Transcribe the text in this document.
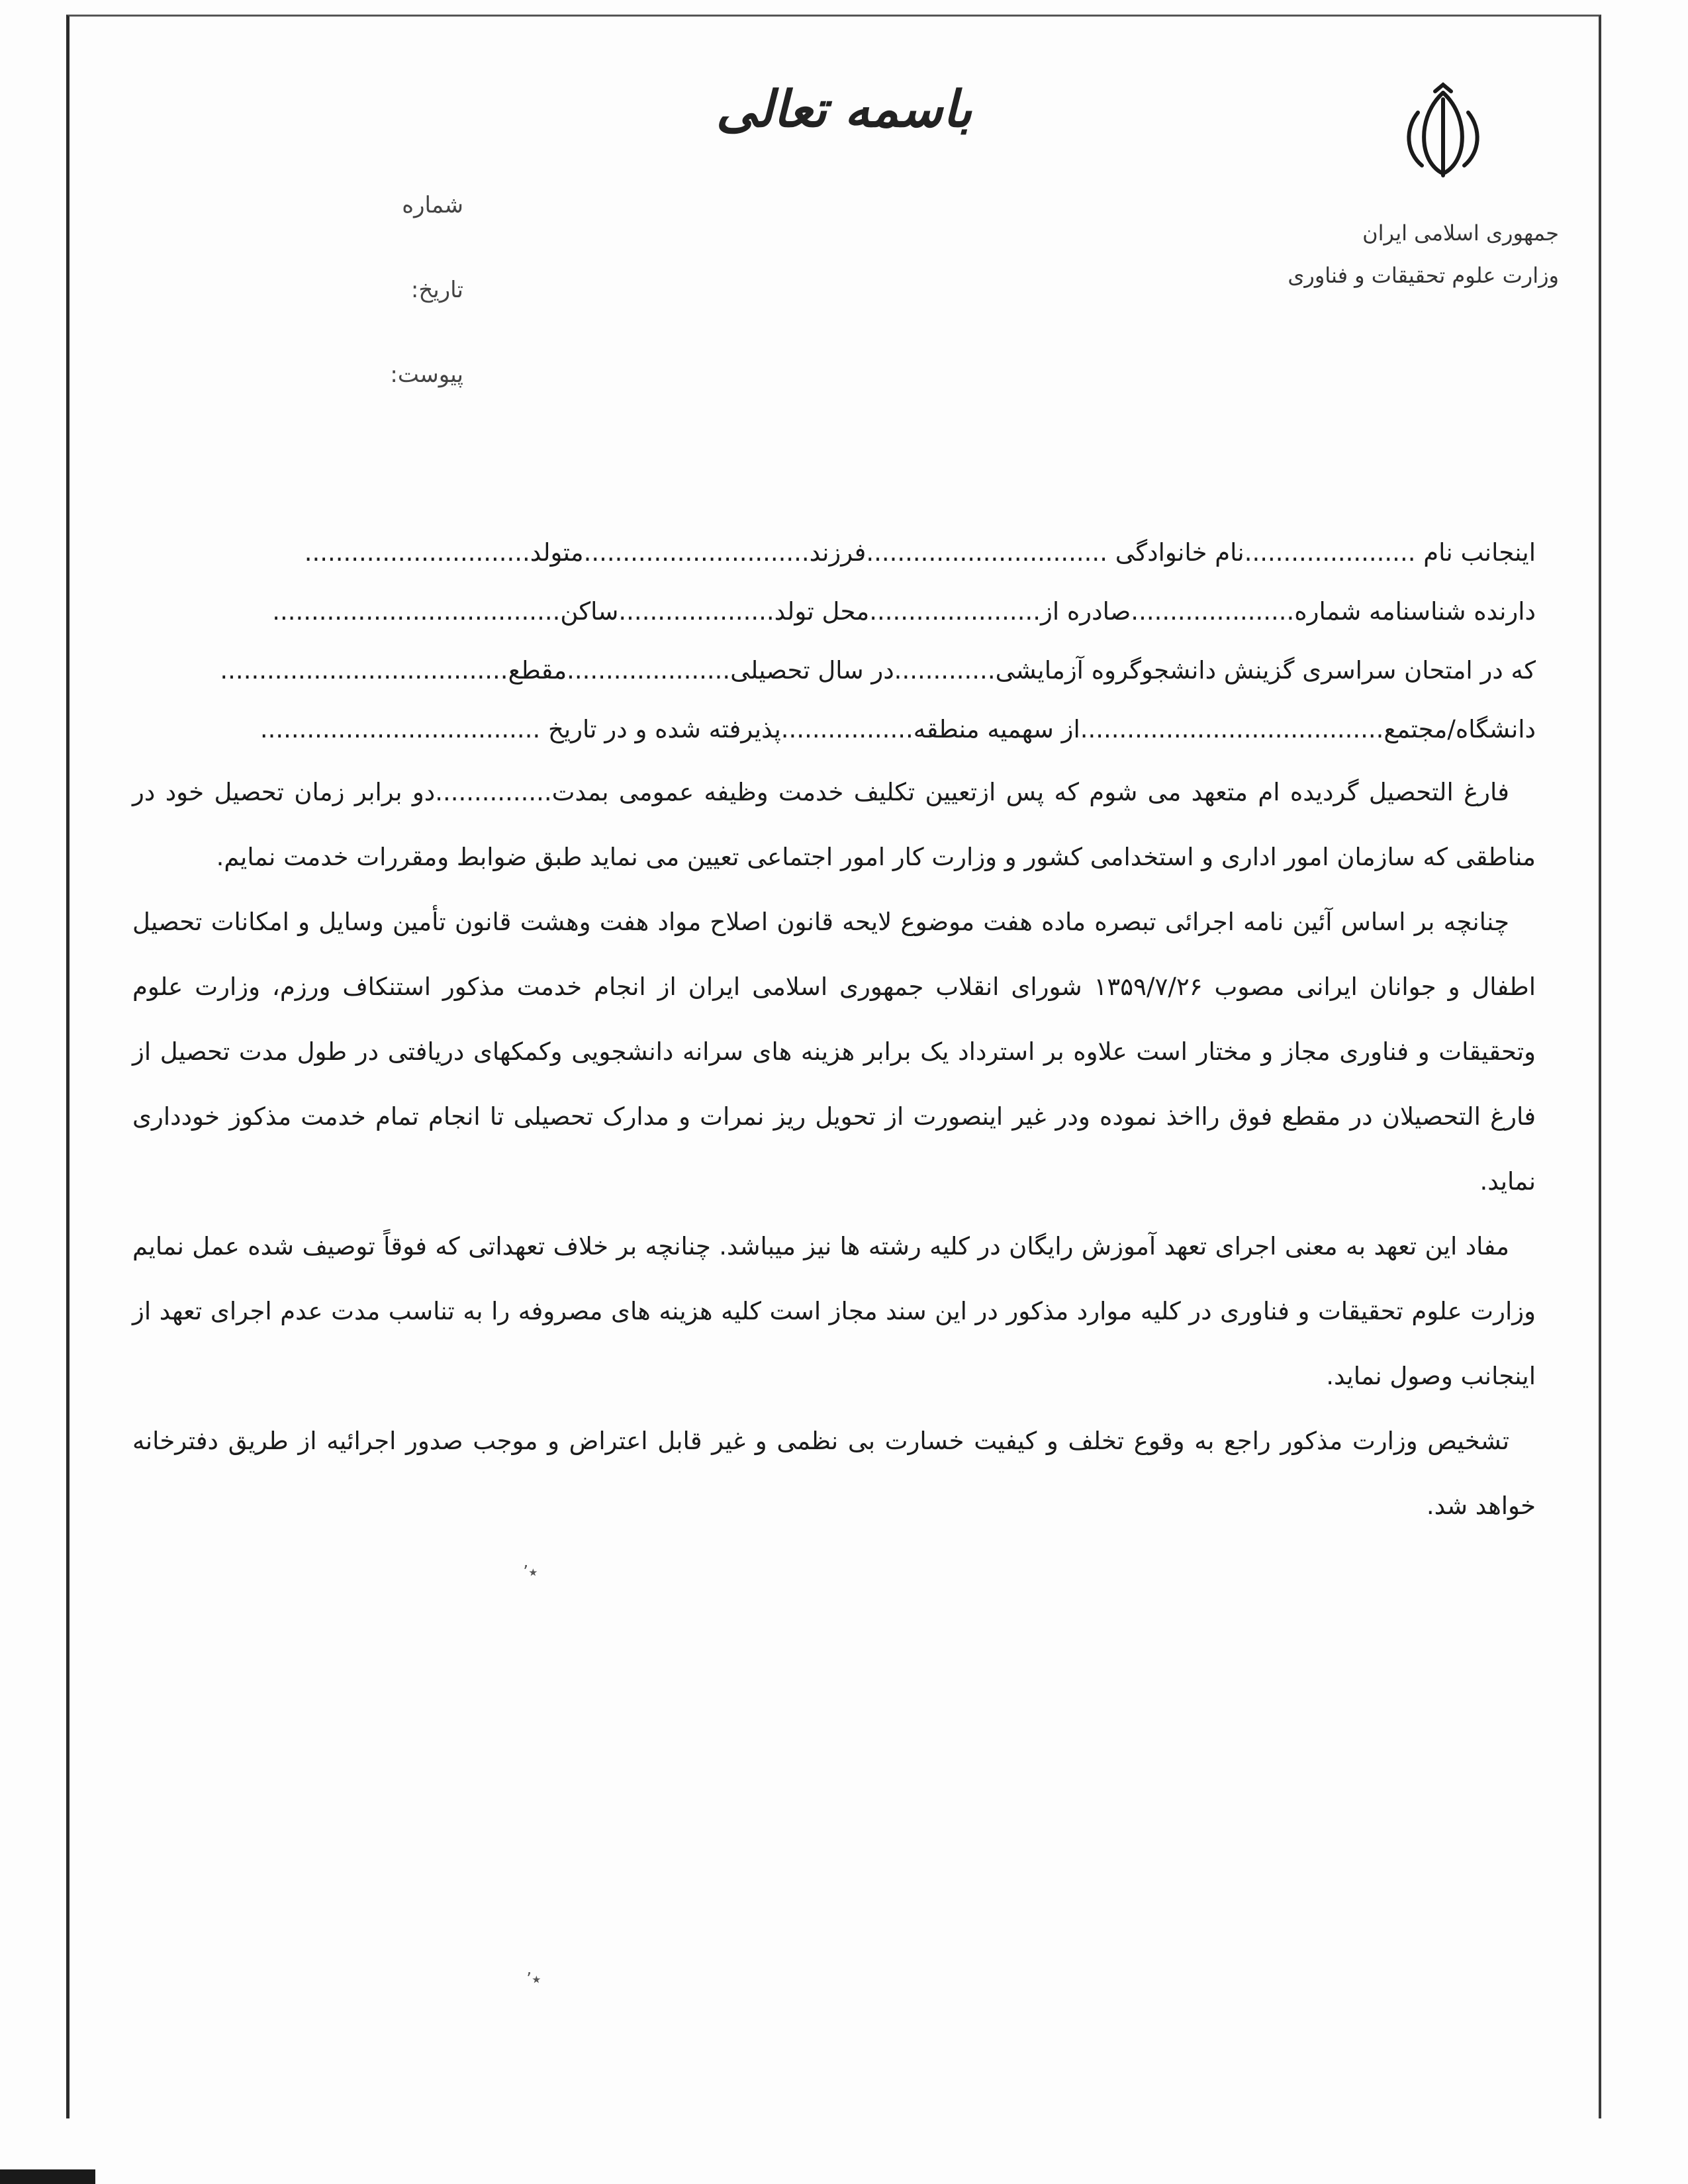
باسمه تعالی
جمهوری اسلامی ایران
وزارت علوم تحقیقات و فناوری
شماره
تاریخ:
پیوست:
اینجانب نام ......................نام خانوادگی ...............................فرزند.............................متولد.............................
دارنده شناسنامه شماره.....................صادره از......................محل تولد....................ساکن.....................................
که در امتحان سراسری گزینش دانشجوگروه آزمایشی.............در سال تحصیلی.....................مقطع.....................................
دانشگاه/مجتمع.......................................از سهمیه منطقه.................پذیرفته شده و در تاریخ ....................................

فارغ التحصیل گردیده ام متعهد می شوم که پس ازتعیین تکلیف خدمت وظیفه عمومی بمدت...............دو برابر زمان تحصیل خود در مناطقی که سازمان امور اداری و استخدامی کشور و وزارت کار امور اجتماعی تعیین می نماید طبق ضوابط ومقررات خدمت نمایم.

چنانچه بر اساس آئین نامه اجرائی تبصره ماده هفت موضوع لایحه قانون اصلاح مواد هفت وهشت قانون تأمین وسایل و امکانات تحصیل اطفال و جوانان ایرانی مصوب ۱۳۵۹/۷/۲۶ شورای انقلاب جمهوری اسلامی ایران از انجام خدمت مذکور استنکاف ورزم، وزارت علوم وتحقیقات و فناوری مجاز و مختار است علاوه بر استرداد یک برابر هزینه های سرانه دانشجویی وکمکهای دریافتی در طول مدت تحصیل از فارغ التحصیلان در مقطع فوق رااخذ نموده ودر غیر اینصورت از تحویل ریز نمرات و مدارک تحصیلی تا انجام تمام خدمت مذکوز خودداری نماید.

مفاد این تعهد به معنی اجرای تعهد آموزش رایگان در کلیه رشته ها نیز میباشد. چنانچه بر خلاف تعهداتی که فوقاً توصیف شده عمل نمایم وزارت علوم تحقیقات و فناوری در کلیه موارد مذکور در این سند مجاز است کلیه هزینه های مصروفه را به تناسب مدت عدم اجرای تعهد از اینجانب وصول نماید.

تشخیص وزارت مذکور راجع به وقوع تخلف و کیفیت خسارت بی نظمی و غیر قابل اعتراض و موجب صدور اجرائیه از طریق دفترخانه خواهد شد.

٭٬
٭٬
